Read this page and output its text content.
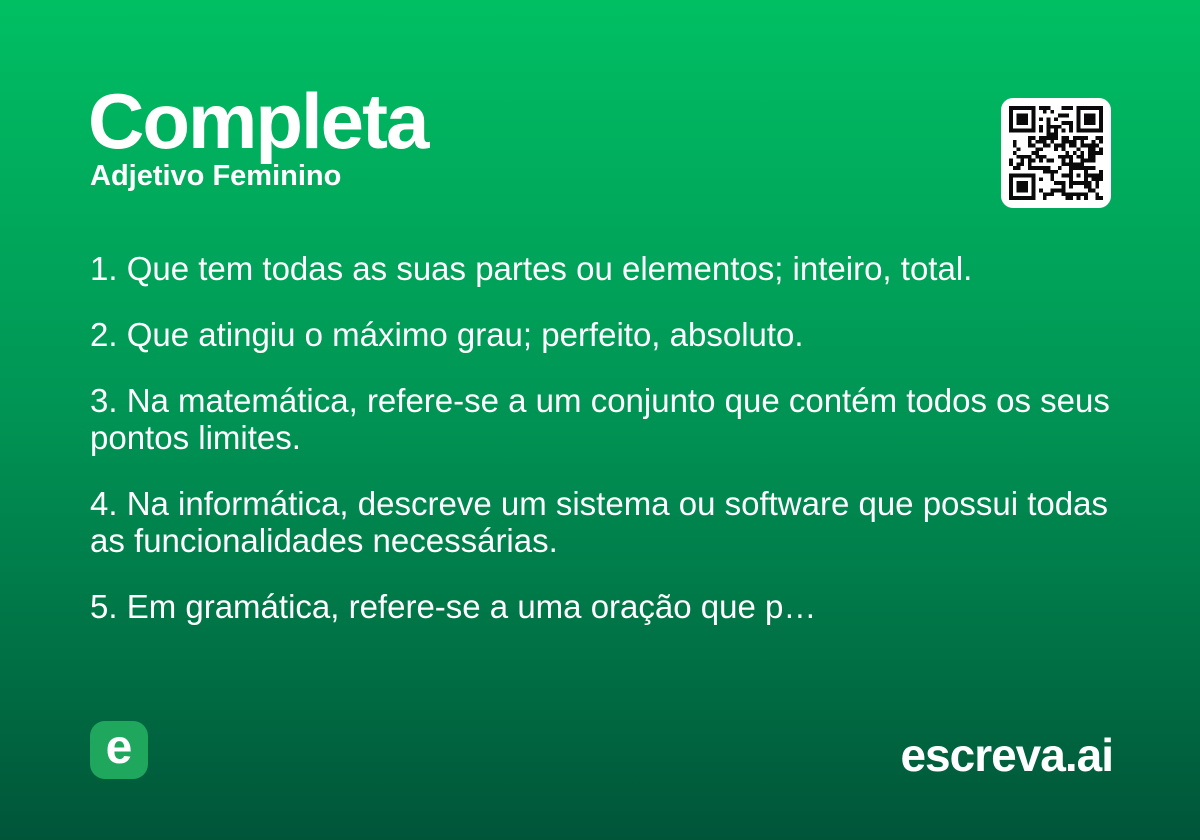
Completa
Adjetivo Feminino

1. Que tem todas as suas partes ou elementos; inteiro, total.

2. Que atingiu o máximo grau; perfeito, absoluto.

3. Na matemática, refere-se a um conjunto que contém todos os seus pontos limites.

4. Na informática, descreve um sistema ou software que possui todas as funcionalidades necessárias.

5. Em gramática, refere-se a uma oração que p…

e	escreva.ai
